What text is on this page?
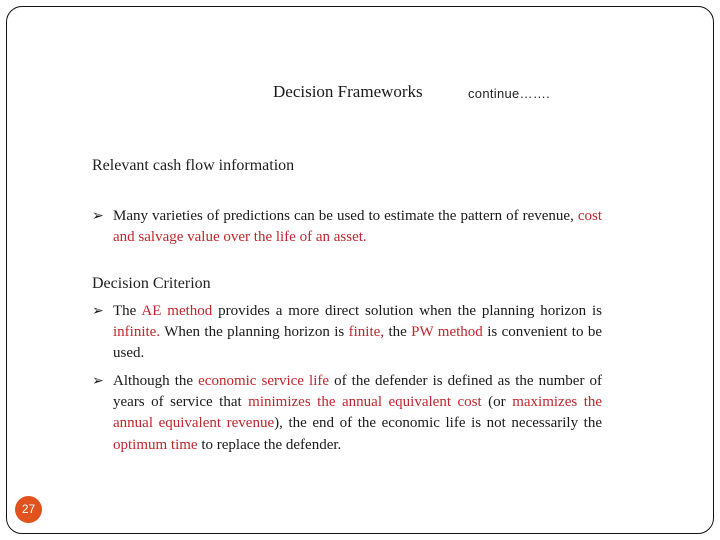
Decision Frameworks	continue…….
Relevant cash flow information
➢ Many varieties of predictions can be used to estimate the pattern of revenue, cost and salvage value over the life of an asset.
Decision Criterion
➢ The AE method provides a more direct solution when the planning horizon is infinite. When the planning horizon is finite, the PW method is convenient to be used.
➢ Although the economic service life of the defender is defined as the number of years of service that minimizes the annual equivalent cost (or maximizes the annual equivalent revenue), the end of the economic life is not necessarily the optimum time to replace the defender.
27
